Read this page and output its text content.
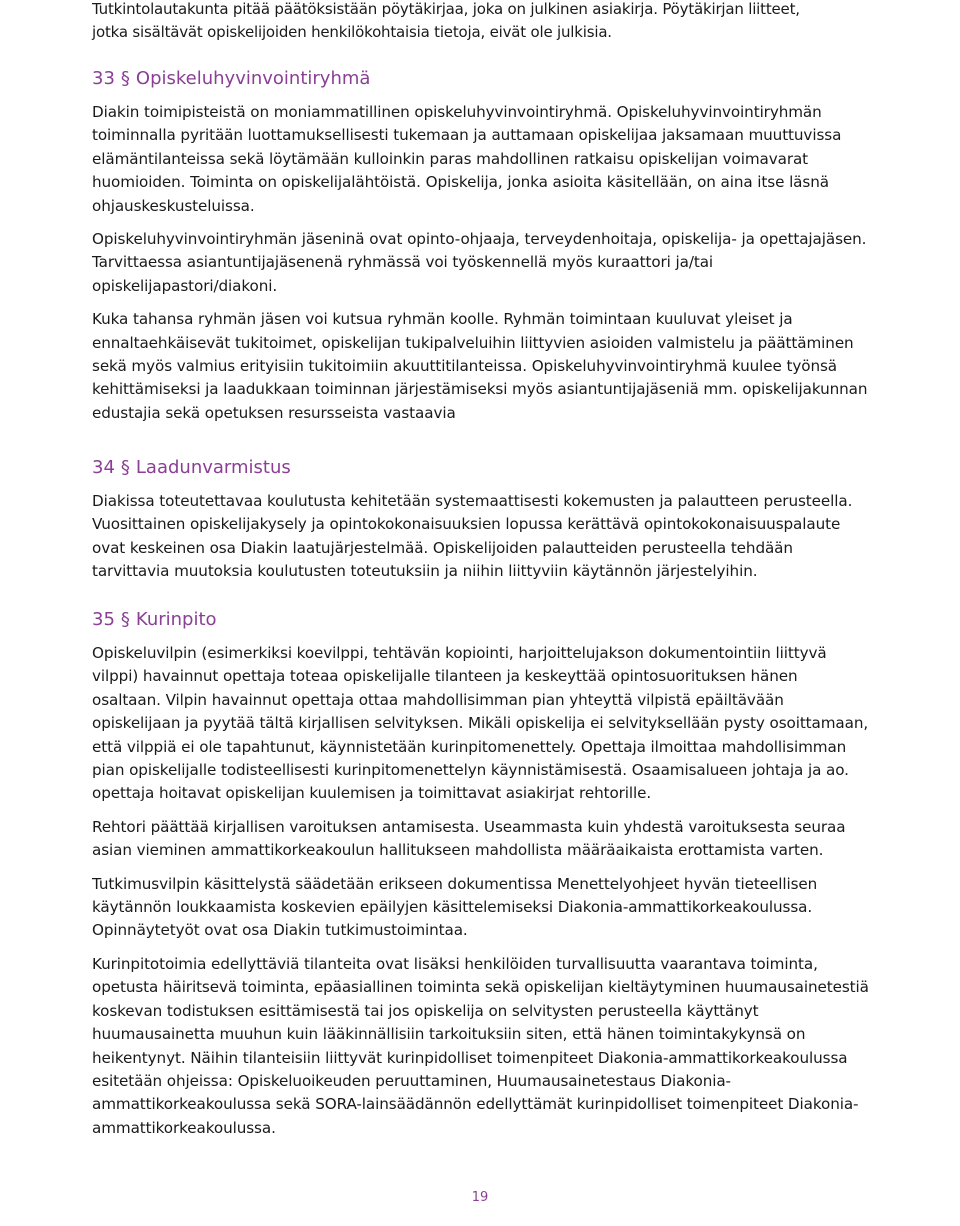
Tutkintolautakunta pitää päätöksistään pöytäkirjaa, joka on julkinen asiakirja. Pöytäkirjan liitteet,

jotka sisältävät opiskelijoiden henkilökohtaisia tietoja, eivät ole julkisia.

33 § Opiskeluhyvinvointiryhmä

Diakin toimipisteistä on moniammatillinen opiskeluhyvinvointiryhmä. Opiskeluhyvinvointiryhmän toiminnalla pyritään luottamuksellisesti tukemaan ja auttamaan opiskelijaa jaksamaan muuttuvissa elämäntilanteissa sekä löytämään kulloinkin paras mahdollinen ratkaisu opiskelijan voimavarat huomioiden. Toiminta on opiskelijalähtöistä. Opiskelija, jonka asioita käsitellään, on aina itse läsnä ohjauskeskusteluissa.

Opiskeluhyvinvointiryhmän jäseninä ovat opinto-ohjaaja, terveydenhoitaja, opiskelija- ja opettajajäsen. Tarvittaessa asiantuntijajäsenenä ryhmässä voi työskennellä myös kuraattori ja/tai opiskelijapastori/diakoni.

Kuka tahansa ryhmän jäsen voi kutsua ryhmän koolle. Ryhmän toimintaan kuuluvat yleiset ja ennaltaehkäisevät tukitoimet, opiskelijan tukipalveluihin liittyvien asioiden valmistelu ja päättäminen sekä myös valmius erityisiin tukitoimiin akuuttitilanteissa. Opiskeluhyvinvointiryhmä kuulee työnsä kehittämiseksi ja laadukkaan toiminnan järjestämiseksi myös asiantuntijajäseniä mm. opiskelijakunnan edustajia sekä opetuksen resursseista vastaavia

34 § Laadunvarmistus

Diakissa toteutettavaa koulutusta kehitetään systemaattisesti kokemusten ja palautteen perusteella. Vuosittainen opiskelijakysely ja opintokokonaisuuksien lopussa kerättävä opintokokonaisuuspalaute ovat keskeinen osa Diakin laatujärjestelmää. Opiskelijoiden palautteiden perusteella tehdään tarvittavia muutoksia koulutusten toteutuksiin ja niihin liittyviin käytännön järjestelyihin.

35 § Kurinpito

Opiskeluvilpin (esimerkiksi koevilppi, tehtävän kopiointi, harjoittelujakson dokumentointiin liittyvä vilppi) havainnut opettaja toteaa opiskelijalle tilanteen ja keskeyttää opintosuorituksen hänen osaltaan. Vilpin havainnut opettaja ottaa mahdollisimman pian yhteyttä vilpistä epäiltävään opiskelijaan ja pyytää tältä kirjallisen selvityksen. Mikäli opiskelija ei selvityksellään pysty osoittamaan, että vilppiä ei ole tapahtunut, käynnistetään kurinpitomenettely. Opettaja ilmoittaa mahdollisimman pian opiskelijalle todisteellisesti kurinpitomenettelyn käynnistämisestä. Osaamisalueen johtaja ja ao. opettaja hoitavat opiskelijan kuulemisen ja toimittavat asiakirjat rehtorille.

Rehtori päättää kirjallisen varoituksen antamisesta. Useammasta kuin yhdestä varoituksesta seuraa asian vieminen ammattikorkeakoulun hallitukseen mahdollista määräaikaista erottamista varten.

Tutkimusvilpin käsittelystä säädetään erikseen dokumentissa Menettelyohjeet hyvän tieteellisen käytännön loukkaamista koskevien epäilyjen käsittelemiseksi Diakonia-ammattikorkeakoulussa. Opinnäytetyöt ovat osa Diakin tutkimustoimintaa.

Kurinpitotoimia edellyttäviä tilanteita ovat lisäksi henkilöiden turvallisuutta vaarantava toiminta, opetusta häiritsevä toiminta, epäasiallinen toiminta sekä opiskelijan kieltäytyminen huumausainetestiä koskevan todistuksen esittämisestä tai jos opiskelija on selvitysten perusteella käyttänyt huumausainetta muuhun kuin lääkinnällisiin tarkoituksiin siten, että hänen toimintakykynsä on heikentynyt. Näihin tilanteisiin liittyvät kurinpidolliset toimenpiteet Diakonia-ammattikorkeakoulussa esitetään ohjeissa: Opiskeluoikeuden peruuttaminen, Huumausainetestaus Diakonia-ammattikorkeakoulussa sekä SORA-lainsäädännön edellyttämät kurinpidolliset toimenpiteet Diakonia-ammattikorkeakoulussa.

19
